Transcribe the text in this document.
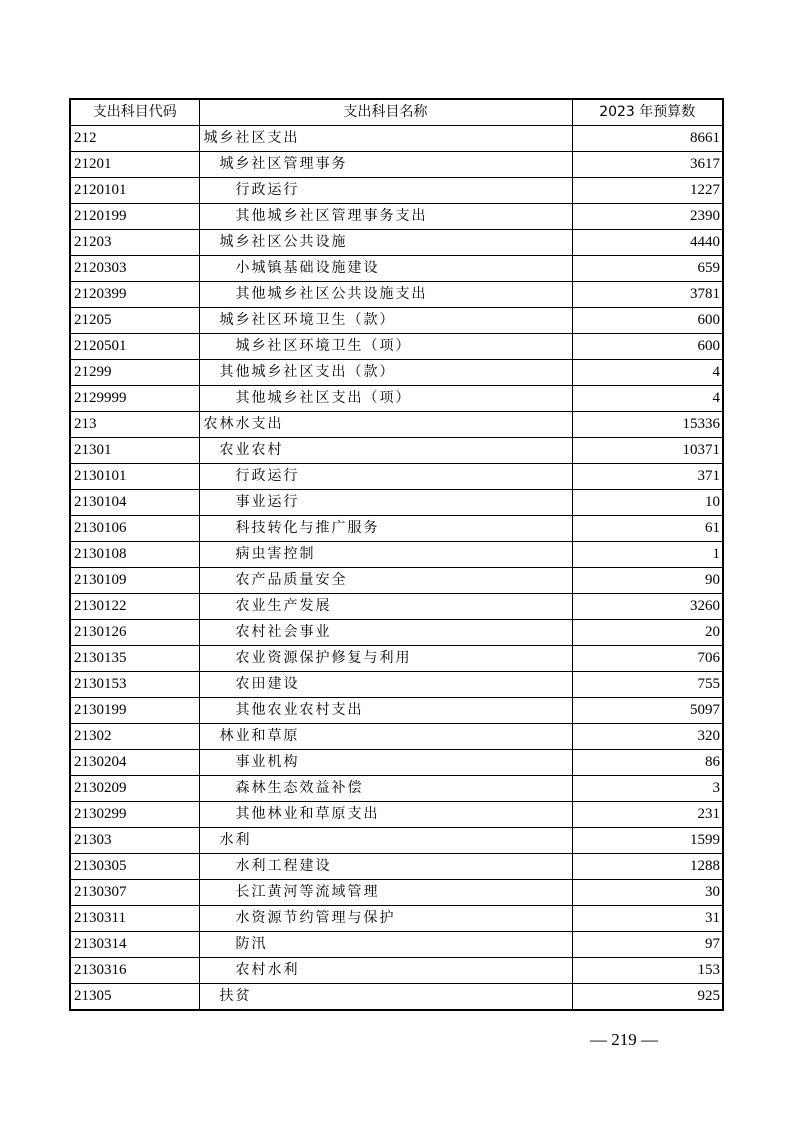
支出科目代码	支出科目名称	2023 年预算数
212	城乡社区支出	8661
21201	城乡社区管理事务	3617
2120101	行政运行	1227
2120199	其他城乡社区管理事务支出	2390
21203	城乡社区公共设施	4440
2120303	小城镇基础设施建设	659
2120399	其他城乡社区公共设施支出	3781
21205	城乡社区环境卫生（款）	600
2120501	城乡社区环境卫生（项）	600
21299	其他城乡社区支出（款）	4
2129999	其他城乡社区支出（项）	4
213	农林水支出	15336
21301	农业农村	10371
2130101	行政运行	371
2130104	事业运行	10
2130106	科技转化与推广服务	61
2130108	病虫害控制	1
2130109	农产品质量安全	90
2130122	农业生产发展	3260
2130126	农村社会事业	20
2130135	农业资源保护修复与利用	706
2130153	农田建设	755
2130199	其他农业农村支出	5097
21302	林业和草原	320
2130204	事业机构	86
2130209	森林生态效益补偿	3
2130299	其他林业和草原支出	231
21303	水利	1599
2130305	水利工程建设	1288
2130307	长江黄河等流域管理	30
2130311	水资源节约管理与保护	31
2130314	防汛	97
2130316	农村水利	153
21305	扶贫	925
— 219 —
